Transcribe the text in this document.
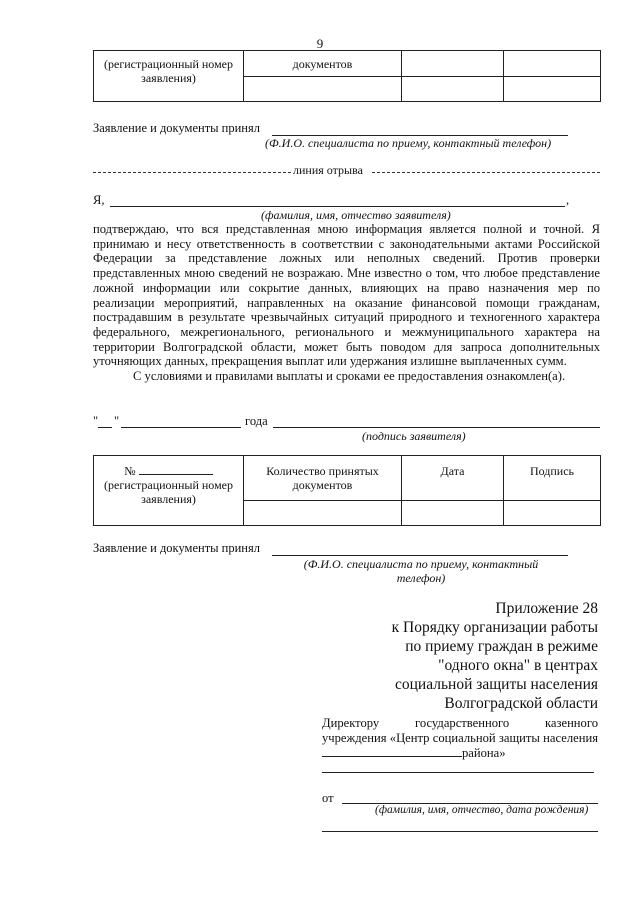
9
(регистрационный номер заявления)	документов		

Заявление и документы принял
(Ф.И.О. специалиста по приему, контактный телефон)
линия отрыва
Я,	,
(фамилия, имя, отчество заявителя)
подтверждаю, что вся представленная мною информация является полной и точной. Я принимаю и несу ответственность в соответствии с законодательными актами Российской Федерации за представление ложных или неполных сведений. Против проверки представленных мною сведений не возражаю. Мне известно о том, что любое представление ложной информации или сокрытие данных, влияющих на право назначения мер по реализации мероприятий, направленных на оказание финансовой помощи гражданам, пострадавшим в результате чрезвычайных ситуаций природного и техногенного характера федерального, межрегионального, регионального и межмуниципального характера на территории Волгоградской области, может быть поводом для запроса дополнительных уточняющих данных, прекращения выплат или удержания излишне выплаченных сумм.
С условиями и правилами выплаты и сроками ее предоставления ознакомлен(а).
" "	года
(подпись заявителя)
№
(регистрационный номер заявления)	Количество принятых документов	Дата	Подпись

Заявление и документы принял
(Ф.И.О. специалиста по приему, контактный
телефон)
Приложение 28
к Порядку организации работы
по приему граждан в режиме
"одного окна" в центрах
социальной защиты населения
Волгоградской области
Директору государственного казенного учреждения «Центр социальной защиты населениярайона»
от
(фамилия, имя, отчество, дата рождения)
